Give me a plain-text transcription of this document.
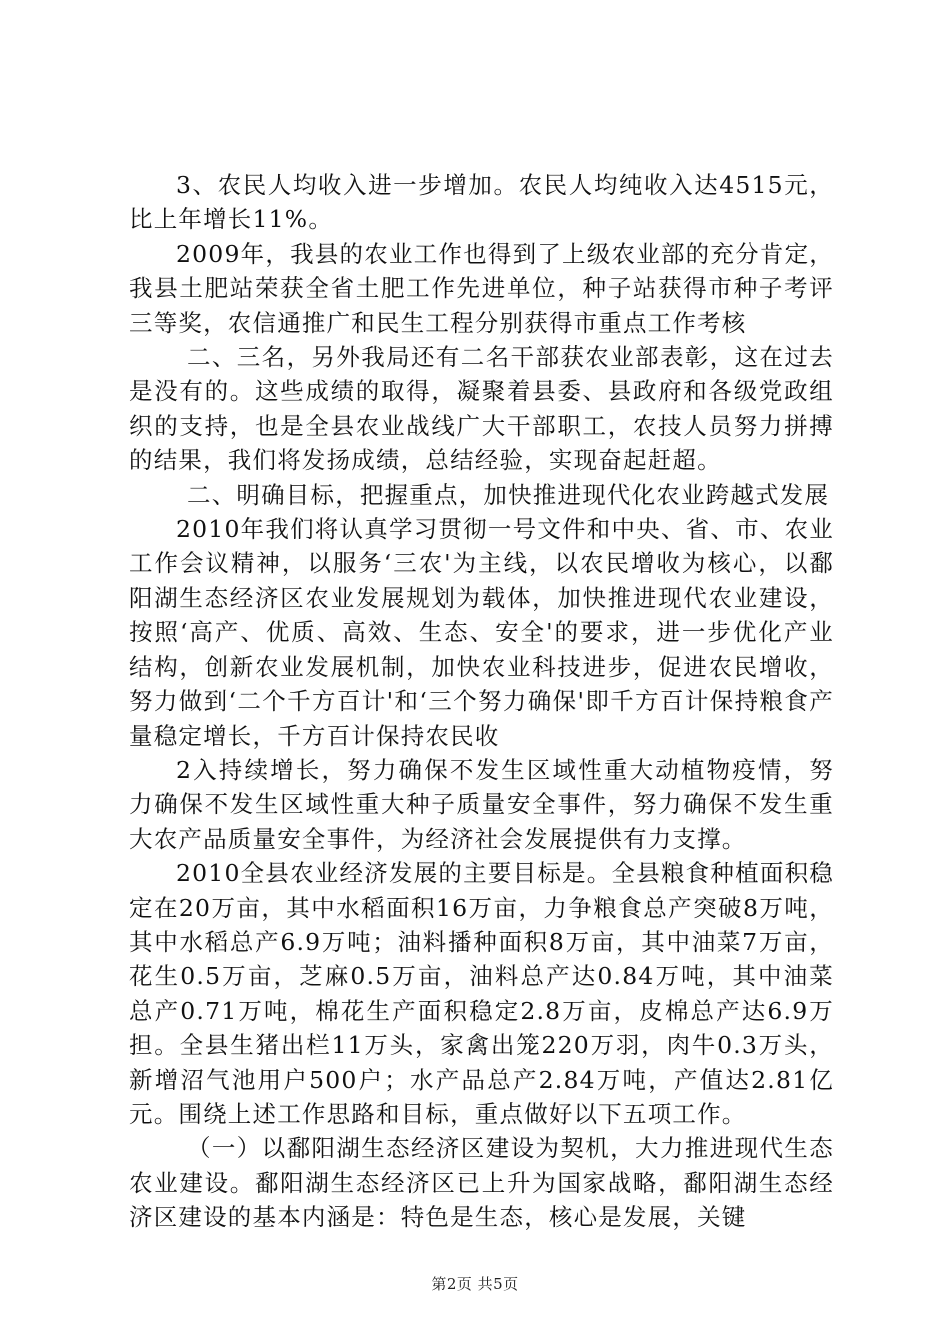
3、农民人均收入进一步增加。农民人均纯收入达4515元，比上年增长11%。

2009年，我县的农业工作也得到了上级农业部的充分肯定，我县土肥站荣获全省土肥工作先进单位，种子站获得市种子考评三等奖，农信通推广和民生工程分别获得市重点工作考核

二、三名，另外我局还有二名干部获农业部表彰，这在过去是没有的。这些成绩的取得，凝聚着县委、县政府和各级党政组织的支持，也是全县农业战线广大干部职工，农技人员努力拼搏的结果，我们将发扬成绩，总结经验，实现奋起赶超。

二、明确目标，把握重点，加快推进现代化农业跨越式发展

2010年我们将认真学习贯彻一号文件和中央、省、市、农业工作会议精神，以服务‘三农'为主线，以农民增收为核心，以鄱阳湖生态经济区农业发展规划为载体，加快推进现代农业建设，按照‘高产、优质、高效、生态、安全'的要求，进一步优化产业结构，创新农业发展机制，加快农业科技进步，促进农民增收，努力做到‘二个千方百计'和‘三个努力确保'即千方百计保持粮食产量稳定增长，千方百计保持农民收

2入持续增长，努力确保不发生区域性重大动植物疫情，努力确保不发生区域性重大种子质量安全事件，努力确保不发生重大农产品质量安全事件，为经济社会发展提供有力支撑。

2010全县农业经济发展的主要目标是。全县粮食种植面积稳定在20万亩，其中水稻面积16万亩，力争粮食总产突破8万吨，其中水稻总产6.9万吨；油料播种面积8万亩，其中油菜7万亩，花生0.5万亩，芝麻0.5万亩，油料总产达0.84万吨，其中油菜总产0.71万吨，棉花生产面积稳定2.8万亩，皮棉总产达6.9万担。全县生猪出栏11万头，家禽出笼220万羽，肉牛0.3万头，新增沼气池用户500户；水产品总产2.84万吨，产值达2.81亿元。围绕上述工作思路和目标，重点做好以下五项工作。

（一）以鄱阳湖生态经济区建设为契机，大力推进现代生态农业建设。鄱阳湖生态经济区已上升为国家战略，鄱阳湖生态经济区建设的基本内涵是：特色是生态，核心是发展，关键

第2页 共5页
